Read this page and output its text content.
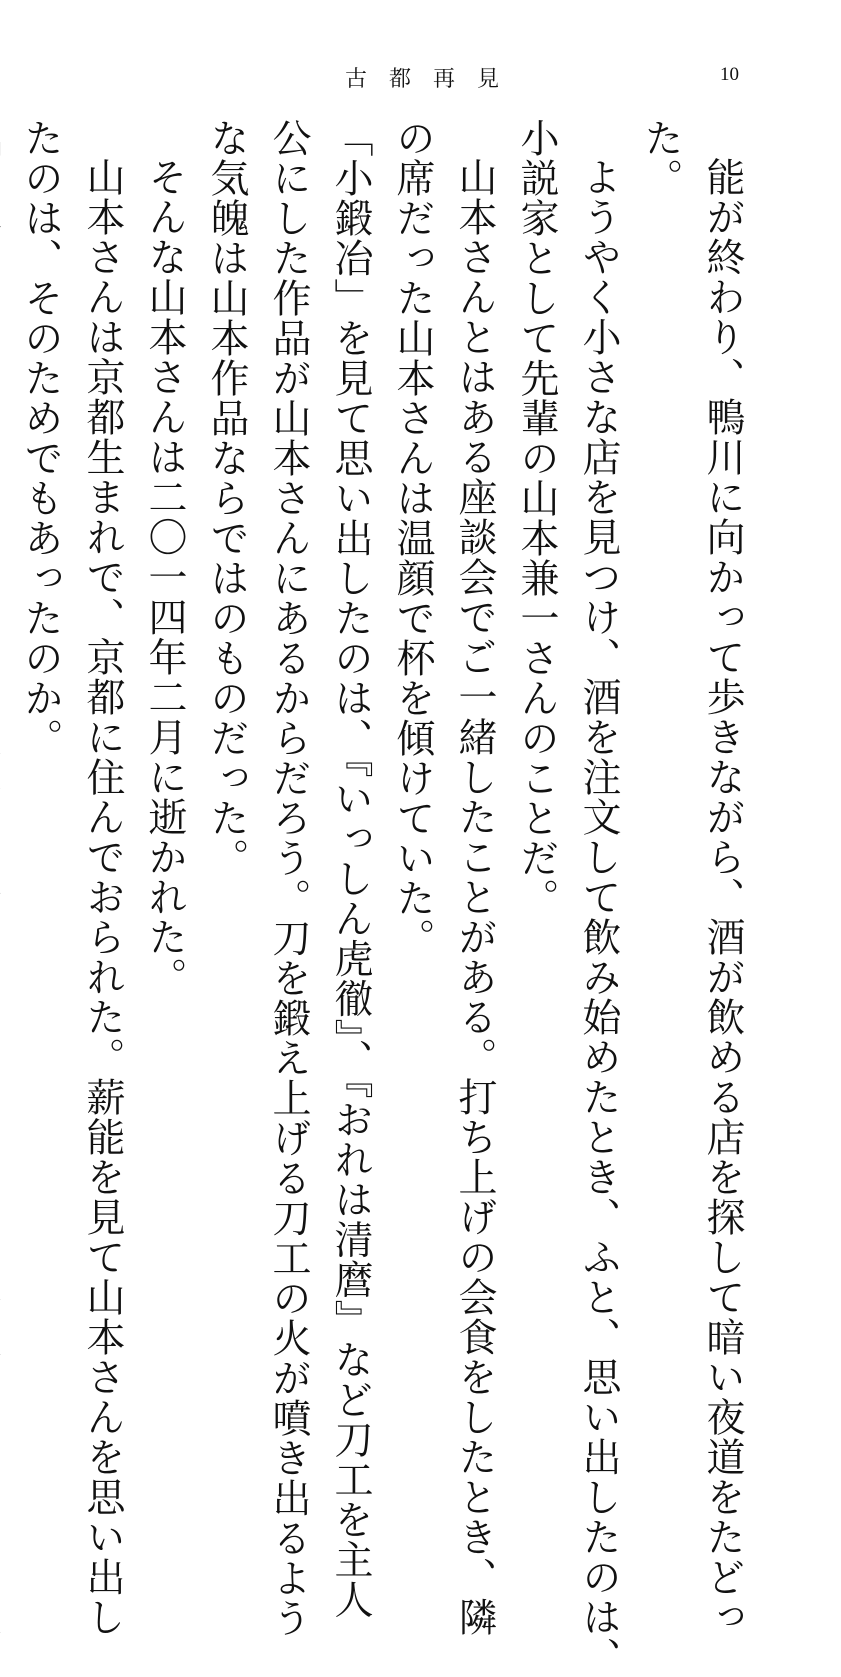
古都再見	10

能が終わり、鴨川に向かって歩きながら、酒が飲める店を探して暗い夜道をたどっ

た。

ようやく小さな店を見つけ、酒を注文して飲み始めたとき、ふと、思い出したのは、

小説家として先輩の山本兼一さんのことだ。

山本さんとはある座談会でご一緒したことがある。打ち上げの会食をしたとき、隣

の席だった山本さんは温顔で杯を傾けていた。

「小鍛冶」を見て思い出したのは、『いっしん虎徹』、『おれは清麿』など刀工を主人

公にした作品が山本さんにあるからだろう。刀を鍛え上げる刀工の火が噴き出るよう

な気魄は山本作品ならではのものだった。

そんな山本さんは二〇一四年二月に逝かれた。

山本さんは京都生まれで、京都に住んでおられた。薪能を見て山本さんを思い出し

たのは、そのためでもあったのか。
